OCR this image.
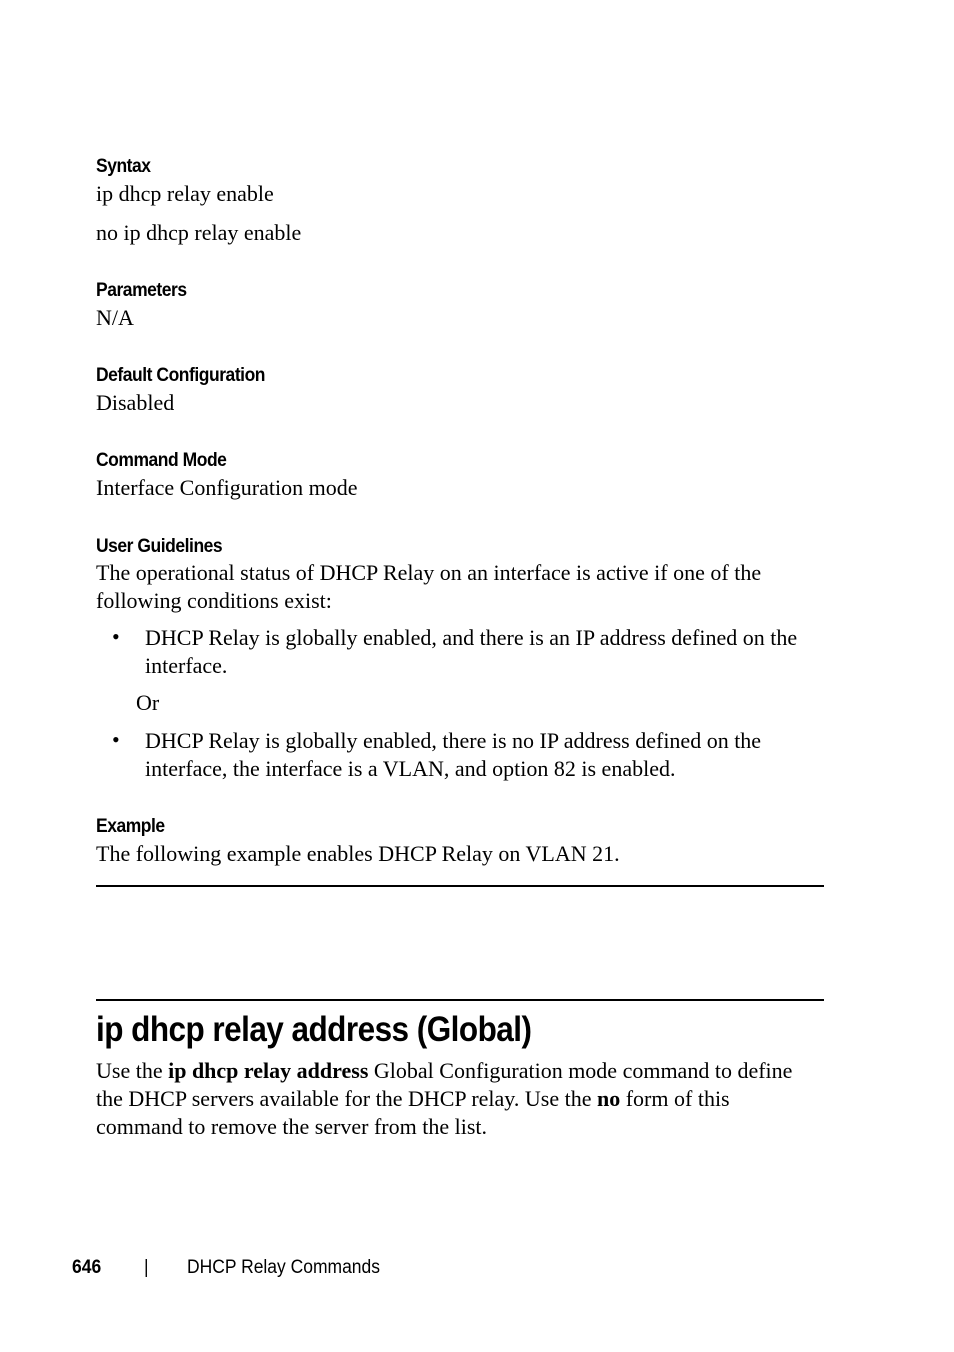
Syntax
ip dhcp relay enable
no ip dhcp relay enable
Parameters
N/A
Default Configuration
Disabled
Command Mode
Interface Configuration mode
User Guidelines
The operational status of DHCP Relay on an interface is active if one of the following conditions exist:
• DHCP Relay is globally enabled, and there is an IP address defined on the interface.
Or
• DHCP Relay is globally enabled, there is no IP address defined on the interface, the interface is a VLAN, and option 82 is enabled.
Example
The following example enables DHCP Relay on VLAN 21.
ip dhcp relay address (Global)
Use the ip dhcp relay address Global Configuration mode command to define the DHCP servers available for the DHCP relay. Use the no form of this command to remove the server from the list.
646 | DHCP Relay Commands
